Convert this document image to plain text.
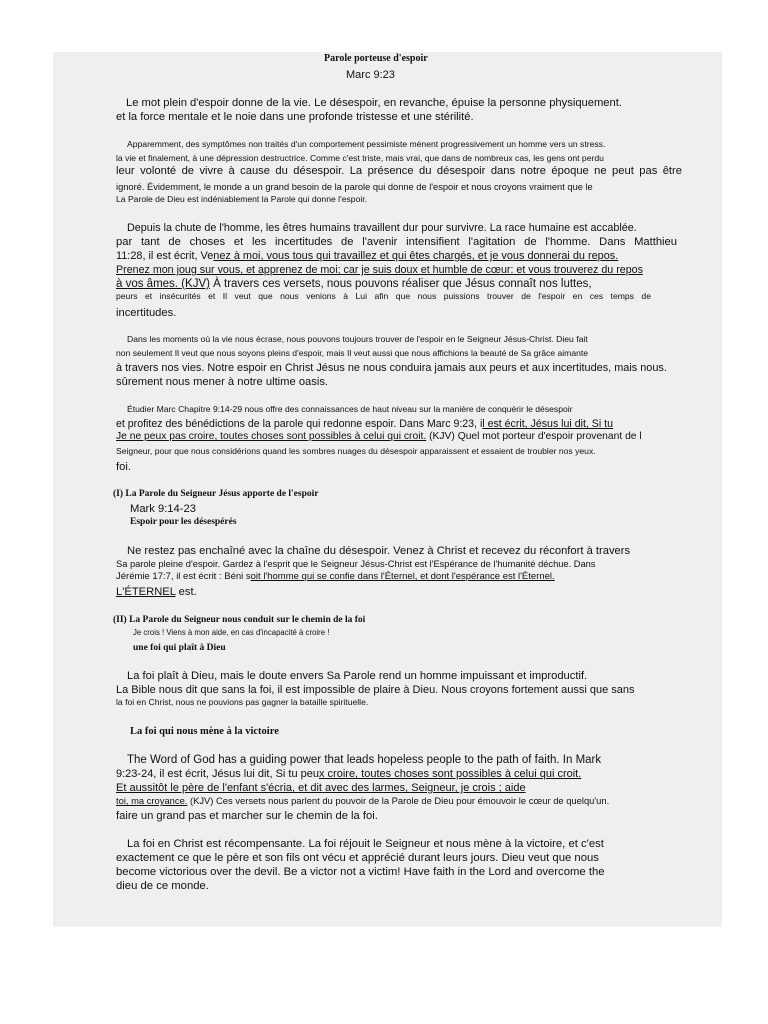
Parole porteuse d'espoir
Marc 9:23
Le mot plein d'espoir donne de la vie. Le désespoir, en revanche, épuise la personne physiquement.
et la force mentale et le noie dans une profonde tristesse et une stérilité.
Apparemment, des symptômes non traités d'un comportement pessimiste mènent progressivement un homme vers un stress.
la vie et finalement, à une dépression destructrice. Comme c'est triste, mais vrai, que dans de nombreux cas, les gens ont perdu
leur volonté de vivre à cause du désespoir. La présence du désespoir dans notre époque ne peut pas être
ignoré. Évidemment, le monde a un grand besoin de la parole qui donne de l'espoir et nous croyons vraiment que le
La Parole de Dieu est indéniablement la Parole qui donne l'espoir.
Depuis la chute de l'homme, les êtres humains travaillent dur pour survivre. La race humaine est accablée.
par tant de choses et les incertitudes de l'avenir intensifient l'agitation de l'homme. Dans Matthieu
11:28, il est écrit, Venez à moi, vous tous qui travaillez et qui êtes chargés, et je vous donnerai du repos.
Prenez mon joug sur vous, et apprenez de moi; car je suis doux et humble de cœur: et vous trouverez du repos
à vos âmes. (KJV) À travers ces versets, nous pouvons réaliser que Jésus connaît nos luttes,
peurs et insécurités et Il veut que nous venions à Lui afin que nous puissions trouver de l'espoir en ces temps de
incertitudes.
Dans les moments où la vie nous écrase, nous pouvons toujours trouver de l'espoir en le Seigneur Jésus-Christ. Dieu fait
non seulement Il veut que nous soyons pleins d'espoir, mais Il veut aussi que nous affichions la beauté de Sa grâce aimante
à travers nos vies. Notre espoir en Christ Jésus ne nous conduira jamais aux peurs et aux incertitudes, mais nous.
sûrement nous mener à notre ultime oasis.
Étudier Marc Chapitre 9:14-29 nous offre des connaissances de haut niveau sur la manière de conquérir le désespoir
et profitez des bénédictions de la parole qui redonne espoir. Dans Marc 9:23, il est écrit, Jésus lui dit, Si tu
Je ne peux pas croire, toutes choses sont possibles à celui qui croit. (KJV) Quel mot porteur d'espoir provenant de l
Seigneur, pour que nous considérions quand les sombres nuages du désespoir apparaissent et essaient de troubler nos yeux.
foi.
(I) La Parole du Seigneur Jésus apporte de l'espoir
Mark 9:14-23
Espoir pour les désespérés
Ne restez pas enchaîné avec la chaîne du désespoir. Venez à Christ et recevez du réconfort à travers
Sa parole pleine d'espoir. Gardez à l'esprit que le Seigneur Jésus-Christ est l'Espérance de l'humanité déchue. Dans
Jérémie 17:7, il est écrit : Béni soit l'homme qui se confie dans l'Éternel, et dont l'espérance est l'Éternel.
L'ÉTERNEL est.
(II) La Parole du Seigneur nous conduit sur le chemin de la foi
Je crois ! Viens à mon aide, en cas d'incapacité à croire !
une foi qui plaît à Dieu
La foi plaît à Dieu, mais le doute envers Sa Parole rend un homme impuissant et improductif.
La Bible nous dit que sans la foi, il est impossible de plaire à Dieu. Nous croyons fortement aussi que sans
la foi en Christ, nous ne pouvions pas gagner la bataille spirituelle.
La foi qui nous mène à la victoire
The Word of God has a guiding power that leads hopeless people to the path of faith. In Mark
9:23-24, il est écrit, Jésus lui dit, Si tu peux croire, toutes choses sont possibles à celui qui croit.
Et aussitôt le père de l'enfant s'écria, et dit avec des larmes, Seigneur, je crois ; aide
toi, ma croyance. (KJV) Ces versets nous parlent du pouvoir de la Parole de Dieu pour émouvoir le cœur de quelqu'un.
faire un grand pas et marcher sur le chemin de la foi.
La foi en Christ est récompensante. La foi réjouit le Seigneur et nous mène à la victoire, et c'est
exactement ce que le père et son fils ont vécu et apprécié durant leurs jours. Dieu veut que nous
become victorious over the devil. Be a victor not a victim! Have faith in the Lord and overcome the
dieu de ce monde.
